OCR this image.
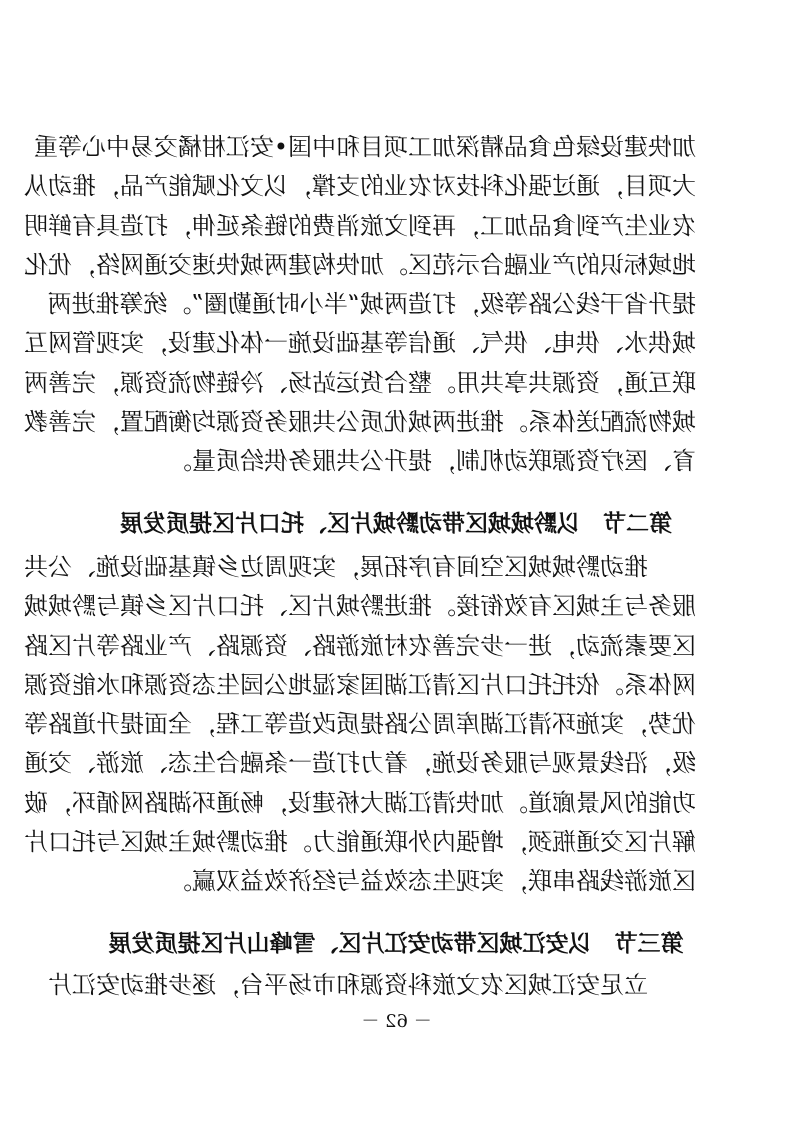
加快建设绿色食品精深加工项目和中国•安江柑橘交易中心等重
大项目，通过强化科技对农业的支撑，以文化赋能产品，推动从
农业生产到食品加工，再到文旅消费的链条延伸，打造具有鲜明
地域标识的产业融合示范区。加快构建两城快速交通网络，优化
提升省干线公路等级，打造两城“半小时通勤圈”。统筹推进两
城供水、供电、供气、通信等基础设施一体化建设，实现管网互
联互通，资源共享共用。整合货运站场、冷链物流资源，完善两
城物流配送体系。推进两城优质公共服务资源均衡配置，完善教
育、医疗资源联动机制，提升公共服务供给质量。
第二节　以黔城城区带动黔城片区、托口片区提质发展
推动黔城城区空间有序拓展，实现周边乡镇基础设施、公共
服务与主城区有效衔接。推进黔城片区、托口片区乡镇与黔城城
区要素流动，进一步完善农村旅游路、资源路、产业路等片区路
网体系。依托托口片区清江湖国家湿地公园生态资源和水能资源
优势，实施环清江湖库周公路提质改造等工程，全面提升道路等
级，沿线景观与服务设施，着力打造一条融合生态、旅游、交通
功能的风景廊道。加快清江湖大桥建设，畅通环湖路网循环，破
解片区交通瓶颈，增强内外联通能力。推动黔城主城区与托口片
区旅游线路串联，实现生态效益与经济效益双赢。
第三节　以安江城区带动安江片区、雪峰山片区提质发展
立足安江城区农文旅科资源和市场平台，逐步推动安江片
－ 62 －
